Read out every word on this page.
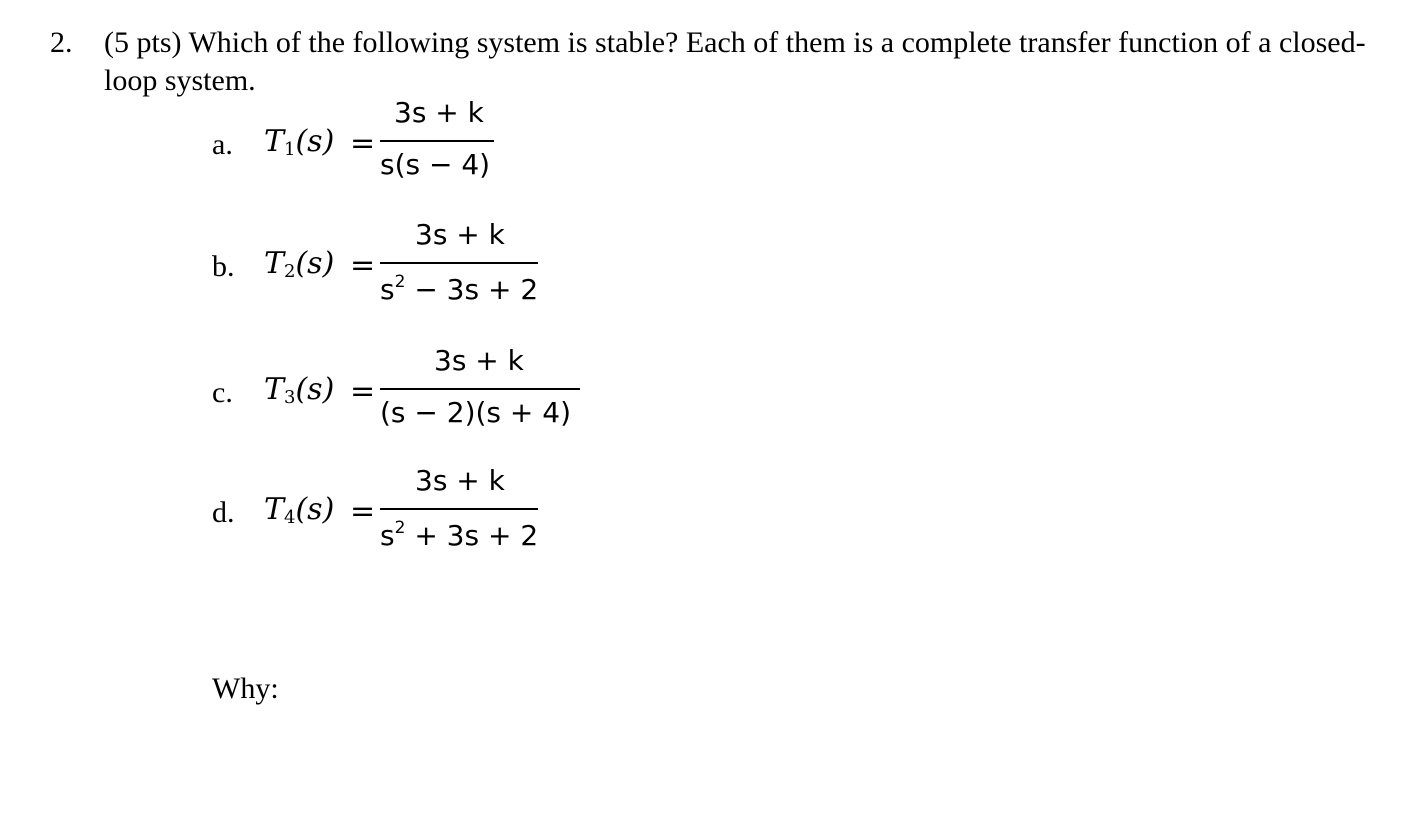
2. (5 pts) Which of the following system is stable? Each of them is a complete transfer function of a closed-loop system.
a. $T_1(s)$ =
3s + k
s(s − 4)
b. $T_2(s)$ =
3s + k
$s^2 - 3s + 2$
c. $T_3(s)$ =
3s + k
(s − 2)(s + 4)
d. $T_4(s)$ =
3s + k
$s^2 + 3s + 2$
Why:
